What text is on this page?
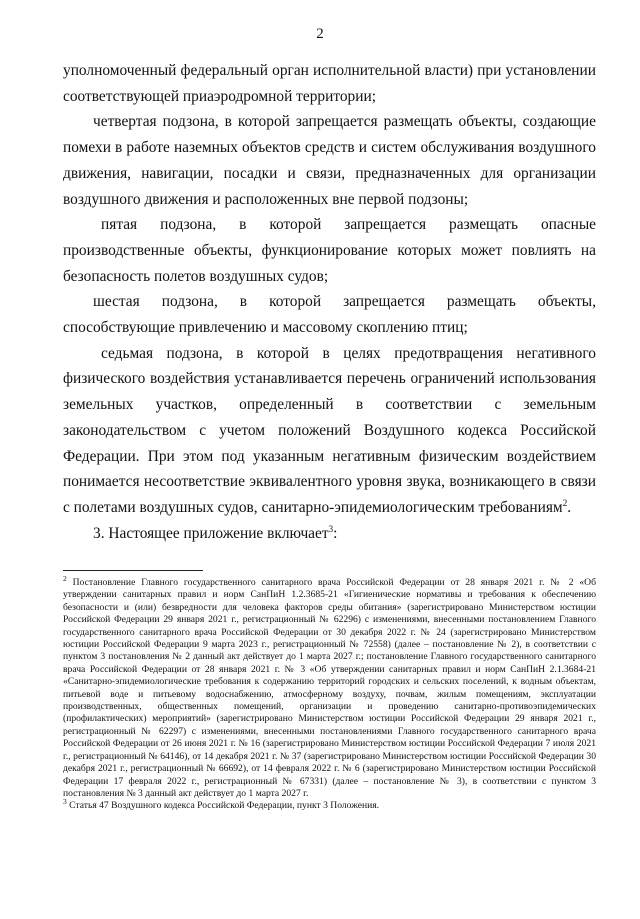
2

уполномоченный федеральный орган исполнительной власти) при установлении соответствующей приаэродромной территории;

четвертая подзона, в которой запрещается размещать объекты, создающие помехи в работе наземных объектов средств и систем обслуживания воздушного движения, навигации, посадки и связи, предназначенных для организации воздушного движения и расположенных вне первой подзоны;

пятая подзона, в которой запрещается размещать опасные производственные объекты, функционирование которых может повлиять на безопасность полетов воздушных судов;

шестая подзона, в которой запрещается размещать объекты, способствующие привлечению и массовому скоплению птиц;

седьмая подзона, в которой в целях предотвращения негативного физического воздействия устанавливается перечень ограничений использования земельных участков, определенный в соответствии с земельным законодательством с учетом положений Воздушного кодекса Российской Федерации. При этом под указанным негативным физическим воздействием понимается несоответствие эквивалентного уровня звука, возникающего в связи с полетами воздушных судов, санитарно-эпидемиологическим требованиям$^2$.

3. Настоящее приложение включает$^3$:

$^2$ Постановление Главного государственного санитарного врача Российской Федерации от 28 января 2021 г. № 2 «Об утверждении санитарных правил и норм СанПиН 1.2.3685-21 «Гигиенические нормативы и требования к обеспечению безопасности и (или) безвредности для человека факторов среды обитания» (зарегистрировано Министерством юстиции Российской Федерации 29 января 2021 г., регистрационный № 62296) с изменениями, внесенными постановлением Главного государственного санитарного врача Российской Федерации от 30 декабря 2022 г. № 24 (зарегистрировано Министерством юстиции Российской Федерации 9 марта 2023 г., регистрационный № 72558) (далее – постановление № 2), в соответствии с пунктом 3 постановления № 2 данный акт действует до 1 марта 2027 г.; постановление Главного государственного санитарного врача Российской Федерации от 28 января 2021 г. № 3 «Об утверждении санитарных правил и норм СанПиН 2.1.3684-21 «Санитарно-эпидемиологические требования к содержанию территорий городских и сельских поселений, к водным объектам, питьевой воде и питьевому водоснабжению, атмосферному воздуху, почвам, жилым помещениям, эксплуатации производственных, общественных помещений, организации и проведению санитарно-противоэпидемических (профилактических) мероприятий» (зарегистрировано Министерством юстиции Российской Федерации 29 января 2021 г., регистрационный № 62297) с изменениями, внесенными постановлениями Главного государственного санитарного врача Российской Федерации от 26 июня 2021 г. № 16 (зарегистрировано Министерством юстиции Российской Федерации 7 июля 2021 г., регистрационный № 64146), от 14 декабря 2021 г. № 37 (зарегистрировано Министерством юстиции Российской Федерации 30 декабря 2021 г., регистрационный № 66692), от 14 февраля 2022 г. № 6 (зарегистрировано Министерством юстиции Российской Федерации 17 февраля 2022 г., регистрационный № 67331) (далее – постановление № 3), в соответствии с пунктом 3 постановления № 3 данный акт действует до 1 марта 2027 г.

$^3$ Статья 47 Воздушного кодекса Российской Федерации, пункт 3 Положения.
